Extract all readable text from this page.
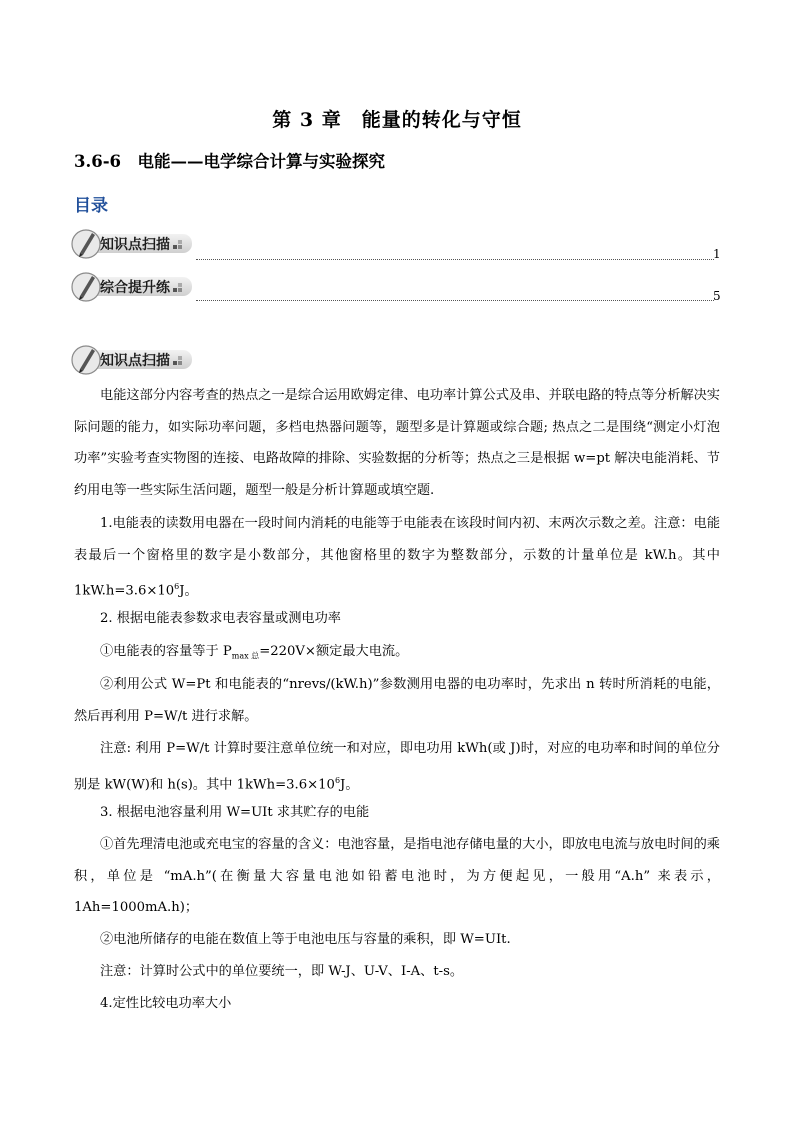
第 3 章　能量的转化与守恒
3.6-6　电能——电学综合计算与实验探究
目录
知识点扫描
1
综合提升练	5
知识点扫描

电能这部分内容考查的热点之一是综合运用欧姆定律、电功率计算公式及串、并联电路的特点等分析解决实际问题的能力，如实际功率问题，多档电热器问题等，题型多是计算题或综合题; 热点之二是围绕“测定小灯泡功率”实验考查实物图的连接、电路故障的排除、实验数据的分析等；热点之三是根据 w=pt 解决电能消耗、节约用电等一些实际生活问题，题型一般是分析计算题或填空题.

1.电能表的读数用电器在一段时间内消耗的电能等于电能表在该段时间内初、末两次示数之差。注意：电能表最后一个窗格里的数字是小数部分，其他窗格里的数字为整数部分，示数的计量单位是 kW.h。其中 $1kW.h=3.6\times 10^6J$。

2. 根据电能表参数求电表容量或测电功率

①电能表的容量等于 $P_{max 总}=220V\times$额定最大电流。

②利用公式 W=Pt 和电能表的“nrevs/(kW.h)”参数测用电器的电功率时，先求出 n 转时所消耗的电能，然后再利用 P=W/t 进行求解。

注意: 利用 P=W/t 计算时要注意单位统一和对应，即电功用 kWh(或 J)时，对应的电功率和时间的单位分别是 kW(W)和 h(s)。其中 $1kWh=3.6\times 10^6J$。

3. 根据电池容量利用 W=UIt 求其贮存的电能

①首先理清电池或充电宝的容量的含义：电池容量，是指电池存储电量的大小，即放电电流与放电时间的乘积，单位是 “mA.h”(在衡量大容量电池如铅蓄电池时，为方便起见，一般用“A.h” 来表示，1Ah=1000mA.h)；

②电池所储存的电能在数值上等于电池电压与容量的乘积，即 W=UIt.

注意：计算时公式中的单位要统一，即 W-J、U-V、I-A、t-s。

4.定性比较电功率大小
